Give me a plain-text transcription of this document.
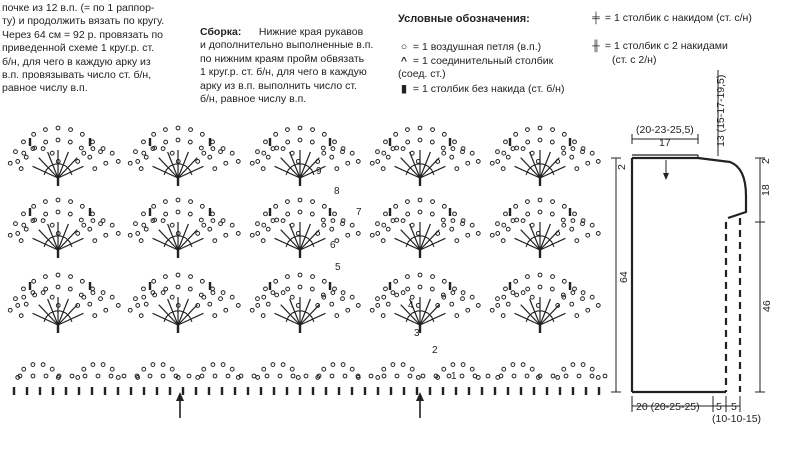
почке из 12 в.п. (= по 1 раппор-
ту) и продолжить вязать по кругу.
Через 64 см = 92 р. провязать по
приведенной схеме 1 круг.р. ст.
б/н, для чего в каждую арку из
в.п. провязывать число ст. б/н,
равное числу в.п.
Сборка: Нижние края рукавов
и дополнительно выполненные в.п.
по нижним краям пройм обвязать
1 круг.р. ст. б/н, для чего в каждую
арку из в.п. выполнить число ст.
б/н, равное числу в.п.
Условные обозначения:
○ = 1 воздушная петля (в.п.)
^ = 1 соединительный столбик
(соед. ст.)
▮ = 1 столбик без накида (ст. б/н)
╪ = 1 столбик с накидом (ст. с/н)
╫ = 1 столбик с 2 накидами
(ст. с 2/н)
1
2
3
4
5
6
7
8
9
(20-23-25,5)
17	13 (15-17-19,5)
2
2
18
64
46
20 (20-25-25) 5 5
(10-10-15)
